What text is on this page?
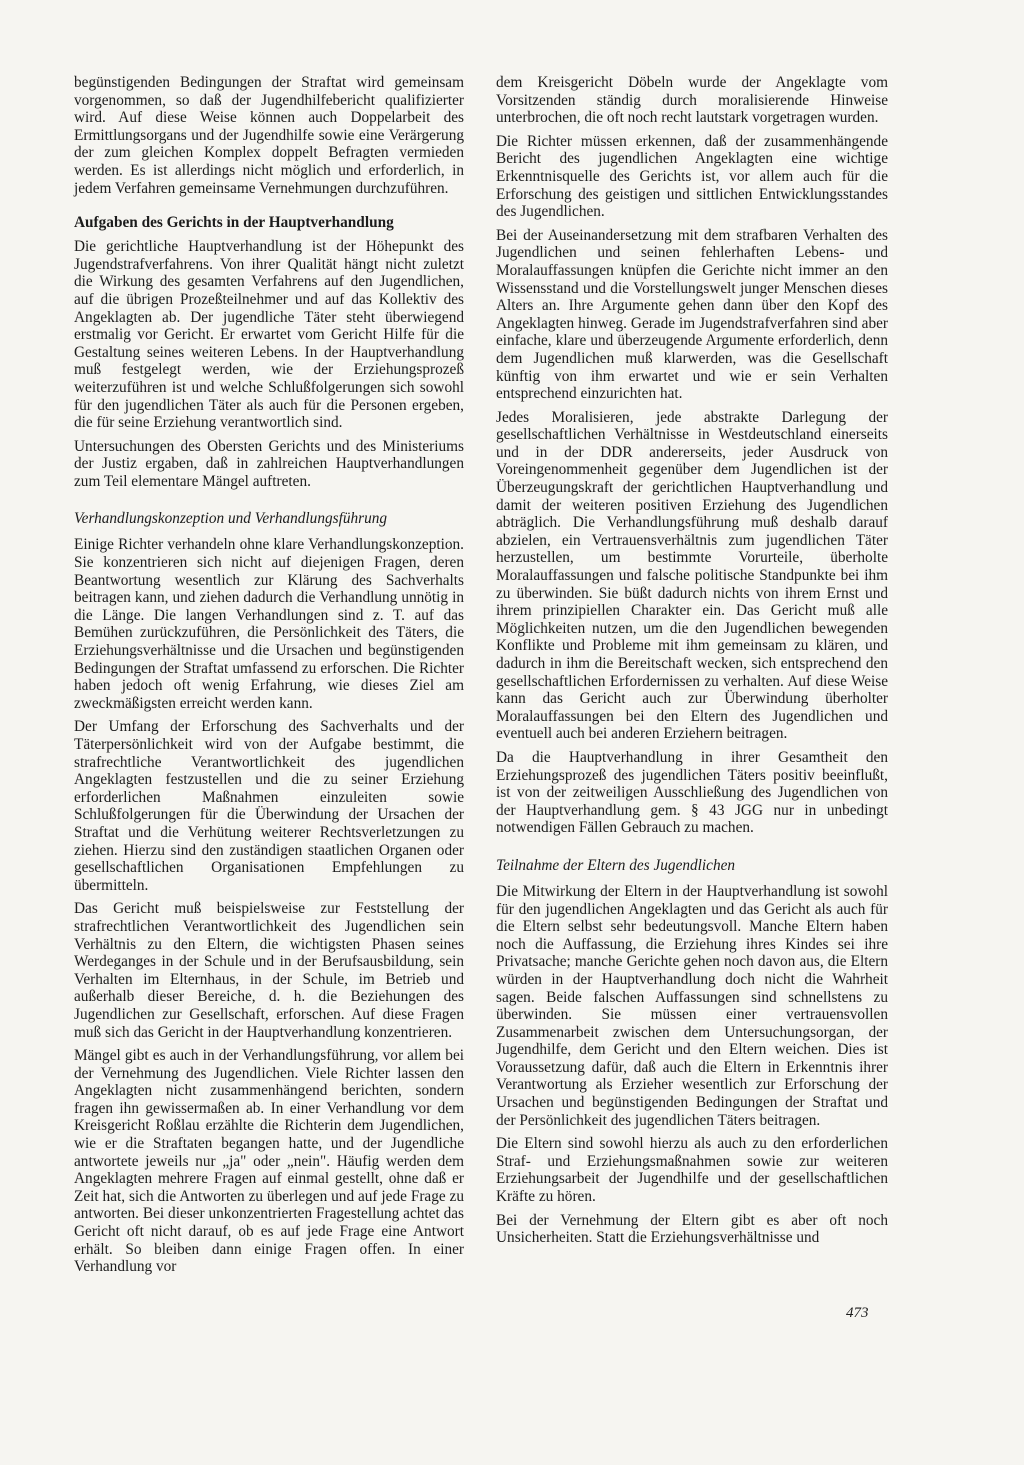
begünstigenden Bedingungen der Straftat wird gemeinsam vorgenommen, so daß der Jugendhilfebericht qualifizierter wird. Auf diese Weise können auch Doppelarbeit des Ermittlungsorgans und der Jugendhilfe sowie eine Verärgerung der zum gleichen Komplex doppelt Befragten vermieden werden. Es ist allerdings nicht möglich und erforderlich, in jedem Verfahren gemeinsame Vernehmungen durchzuführen.

Aufgaben des Gerichts in der Hauptverhandlung

Die gerichtliche Hauptverhandlung ist der Höhepunkt des Jugendstrafverfahrens. Von ihrer Qualität hängt nicht zuletzt die Wirkung des gesamten Verfahrens auf den Jugendlichen, auf die übrigen Prozeßteilnehmer und auf das Kollektiv des Angeklagten ab. Der jugendliche Täter steht überwiegend erstmalig vor Gericht. Er erwartet vom Gericht Hilfe für die Gestaltung seines weiteren Lebens. In der Hauptverhandlung muß festgelegt werden, wie der Erziehungsprozeß weiterzuführen ist und welche Schlußfolgerungen sich sowohl für den jugendlichen Täter als auch für die Personen ergeben, die für seine Erziehung verantwortlich sind.

Untersuchungen des Obersten Gerichts und des Ministeriums der Justiz ergaben, daß in zahlreichen Hauptverhandlungen zum Teil elementare Mängel auftreten.

Verhandlungskonzeption und Verhandlungsführung

Einige Richter verhandeln ohne klare Verhandlungskonzeption. Sie konzentrieren sich nicht auf diejenigen Fragen, deren Beantwortung wesentlich zur Klärung des Sachverhalts beitragen kann, und ziehen dadurch die Verhandlung unnötig in die Länge. Die langen Verhandlungen sind z. T. auf das Bemühen zurückzuführen, die Persönlichkeit des Täters, die Erziehungsverhältnisse und die Ursachen und begünstigenden Bedingungen der Straftat umfassend zu erforschen. Die Richter haben jedoch oft wenig Erfahrung, wie dieses Ziel am zweckmäßigsten erreicht werden kann.

Der Umfang der Erforschung des Sachverhalts und der Täterpersönlichkeit wird von der Aufgabe bestimmt, die strafrechtliche Verantwortlichkeit des jugendlichen Angeklagten festzustellen und die zu seiner Erziehung erforderlichen Maßnahmen einzuleiten sowie Schlußfolgerungen für die Überwindung der Ursachen der Straftat und die Verhütung weiterer Rechtsverletzungen zu ziehen. Hierzu sind den zuständigen staatlichen Organen oder gesellschaftlichen Organisationen Empfehlungen zu übermitteln.

Das Gericht muß beispielsweise zur Feststellung der strafrechtlichen Verantwortlichkeit des Jugendlichen sein Verhältnis zu den Eltern, die wichtigsten Phasen seines Werdeganges in der Schule und in der Berufsausbildung, sein Verhalten im Elternhaus, in der Schule, im Betrieb und außerhalb dieser Bereiche, d. h. die Beziehungen des Jugendlichen zur Gesellschaft, erforschen. Auf diese Fragen muß sich das Gericht in der Hauptverhandlung konzentrieren.

Mängel gibt es auch in der Verhandlungsführung, vor allem bei der Vernehmung des Jugendlichen. Viele Richter lassen den Angeklagten nicht zusammenhängend berichten, sondern fragen ihn gewissermaßen ab. In einer Verhandlung vor dem Kreisgericht Roßlau erzählte die Richterin dem Jugendlichen, wie er die Straftaten begangen hatte, und der Jugendliche antwortete jeweils nur „ja" oder „nein". Häufig werden dem Angeklagten mehrere Fragen auf einmal gestellt, ohne daß er Zeit hat, sich die Antworten zu überlegen und auf jede Frage zu antworten. Bei dieser unkonzentrierten Fragestellung achtet das Gericht oft nicht darauf, ob es auf jede Frage eine Antwort erhält. So bleiben dann einige Fragen offen. In einer Verhandlung vor

dem Kreisgericht Döbeln wurde der Angeklagte vom Vorsitzenden ständig durch moralisierende Hinweise unterbrochen, die oft noch recht lautstark vorgetragen wurden.

Die Richter müssen erkennen, daß der zusammenhängende Bericht des jugendlichen Angeklagten eine wichtige Erkenntnisquelle des Gerichts ist, vor allem auch für die Erforschung des geistigen und sittlichen Entwicklungsstandes des Jugendlichen.

Bei der Auseinandersetzung mit dem strafbaren Verhalten des Jugendlichen und seinen fehlerhaften Lebens- und Moralauffassungen knüpfen die Gerichte nicht immer an den Wissensstand und die Vorstellungswelt junger Menschen dieses Alters an. Ihre Argumente gehen dann über den Kopf des Angeklagten hinweg. Gerade im Jugendstrafverfahren sind aber einfache, klare und überzeugende Argumente erforderlich, denn dem Jugendlichen muß klarwerden, was die Gesellschaft künftig von ihm erwartet und wie er sein Verhalten entsprechend einzurichten hat.

Jedes Moralisieren, jede abstrakte Darlegung der gesellschaftlichen Verhältnisse in Westdeutschland einerseits und in der DDR andererseits, jeder Ausdruck von Voreingenommenheit gegenüber dem Jugendlichen ist der Überzeugungskraft der gerichtlichen Hauptverhandlung und damit der weiteren positiven Erziehung des Jugendlichen abträglich. Die Verhandlungsführung muß deshalb darauf abzielen, ein Vertrauensverhältnis zum jugendlichen Täter herzustellen, um bestimmte Vorurteile, überholte Moralauffassungen und falsche politische Standpunkte bei ihm zu überwinden. Sie büßt dadurch nichts von ihrem Ernst und ihrem prinzipiellen Charakter ein. Das Gericht muß alle Möglichkeiten nutzen, um die den Jugendlichen bewegenden Konflikte und Probleme mit ihm gemeinsam zu klären, und dadurch in ihm die Bereitschaft wecken, sich entsprechend den gesellschaftlichen Erfordernissen zu verhalten. Auf diese Weise kann das Gericht auch zur Überwindung überholter Moralauffassungen bei den Eltern des Jugendlichen und eventuell auch bei anderen Erziehern beitragen.

Da die Hauptverhandlung in ihrer Gesamtheit den Erziehungsprozeß des jugendlichen Täters positiv beeinflußt, ist von der zeitweiligen Ausschließung des Jugendlichen von der Hauptverhandlung gem. § 43 JGG nur in unbedingt notwendigen Fällen Gebrauch zu machen.

Teilnahme der Eltern des Jugendlichen

Die Mitwirkung der Eltern in der Hauptverhandlung ist sowohl für den jugendlichen Angeklagten und das Gericht als auch für die Eltern selbst sehr bedeutungsvoll. Manche Eltern haben noch die Auffassung, die Erziehung ihres Kindes sei ihre Privatsache; manche Gerichte gehen noch davon aus, die Eltern würden in der Hauptverhandlung doch nicht die Wahrheit sagen. Beide falschen Auffassungen sind schnellstens zu überwinden. Sie müssen einer vertrauensvollen Zusammenarbeit zwischen dem Untersuchungsorgan, der Jugendhilfe, dem Gericht und den Eltern weichen. Dies ist Voraussetzung dafür, daß auch die Eltern in Erkenntnis ihrer Verantwortung als Erzieher wesentlich zur Erforschung der Ursachen und begünstigenden Bedingungen der Straftat und der Persönlichkeit des jugendlichen Täters beitragen.

Die Eltern sind sowohl hierzu als auch zu den erforderlichen Straf- und Erziehungsmaßnahmen sowie zur weiteren Erziehungsarbeit der Jugendhilfe und der gesellschaftlichen Kräfte zu hören.

Bei der Vernehmung der Eltern gibt es aber oft noch Unsicherheiten. Statt die Erziehungsverhältnisse und

473
